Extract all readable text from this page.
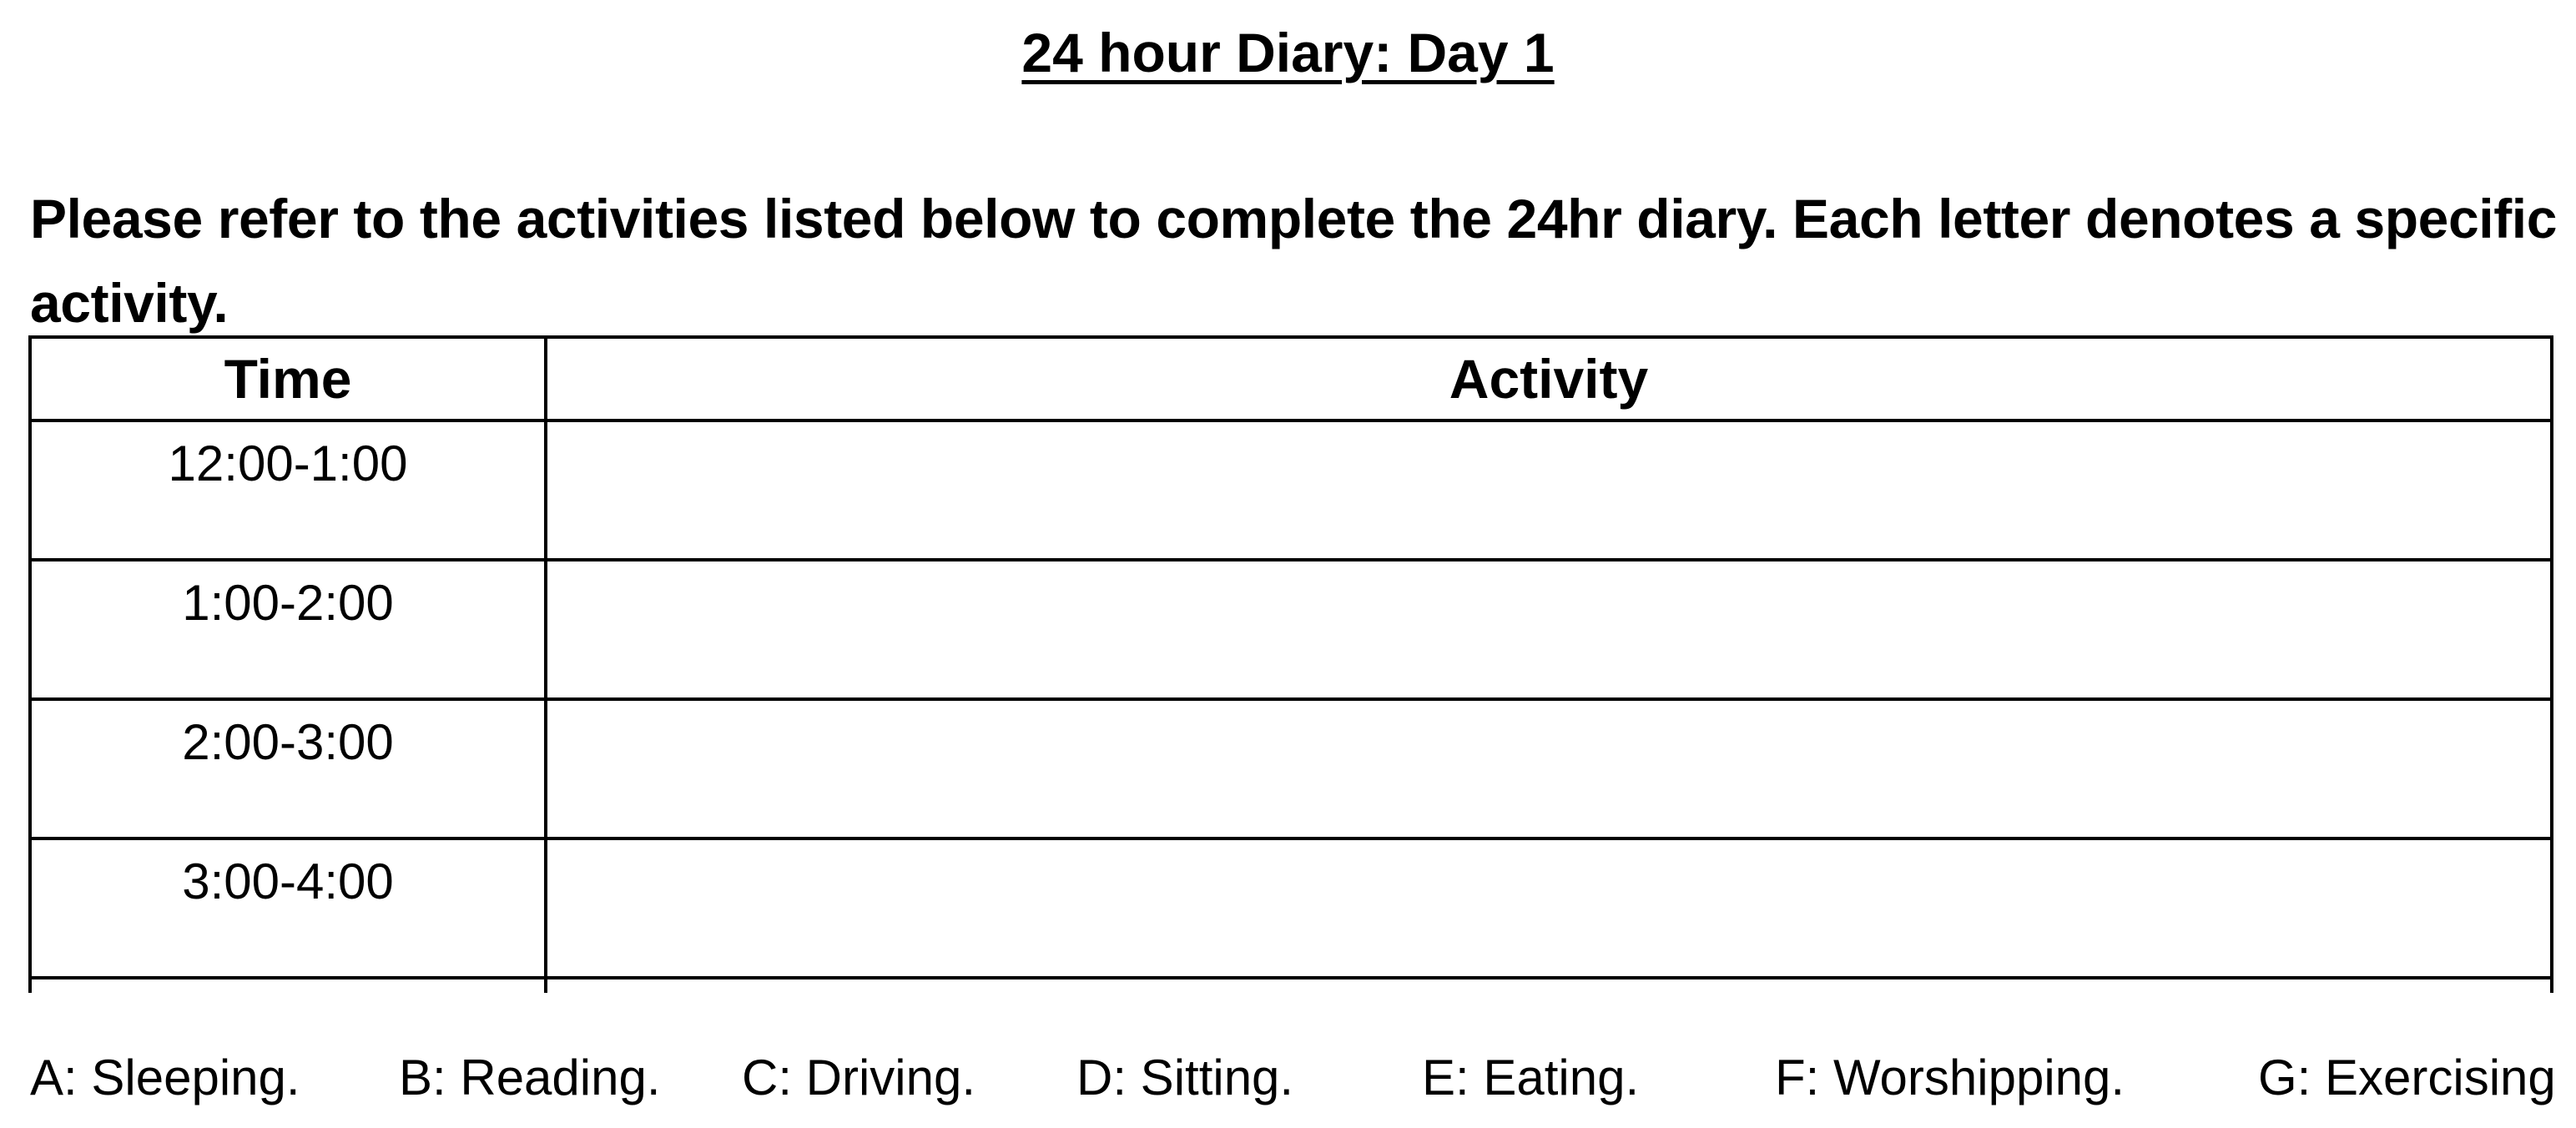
24 hour Diary: Day 1
Please refer to the activities listed below to complete the 24hr diary. Each letter denotes a specific activity.
Time	Activity

12:00-1:00	

1:00-2:00	

2:00-3:00	

3:00-4:00	

A: Sleeping. B: Reading. C: Driving. D: Sitting.	E: Eating.	F: Worshipping.	G: Exercising
